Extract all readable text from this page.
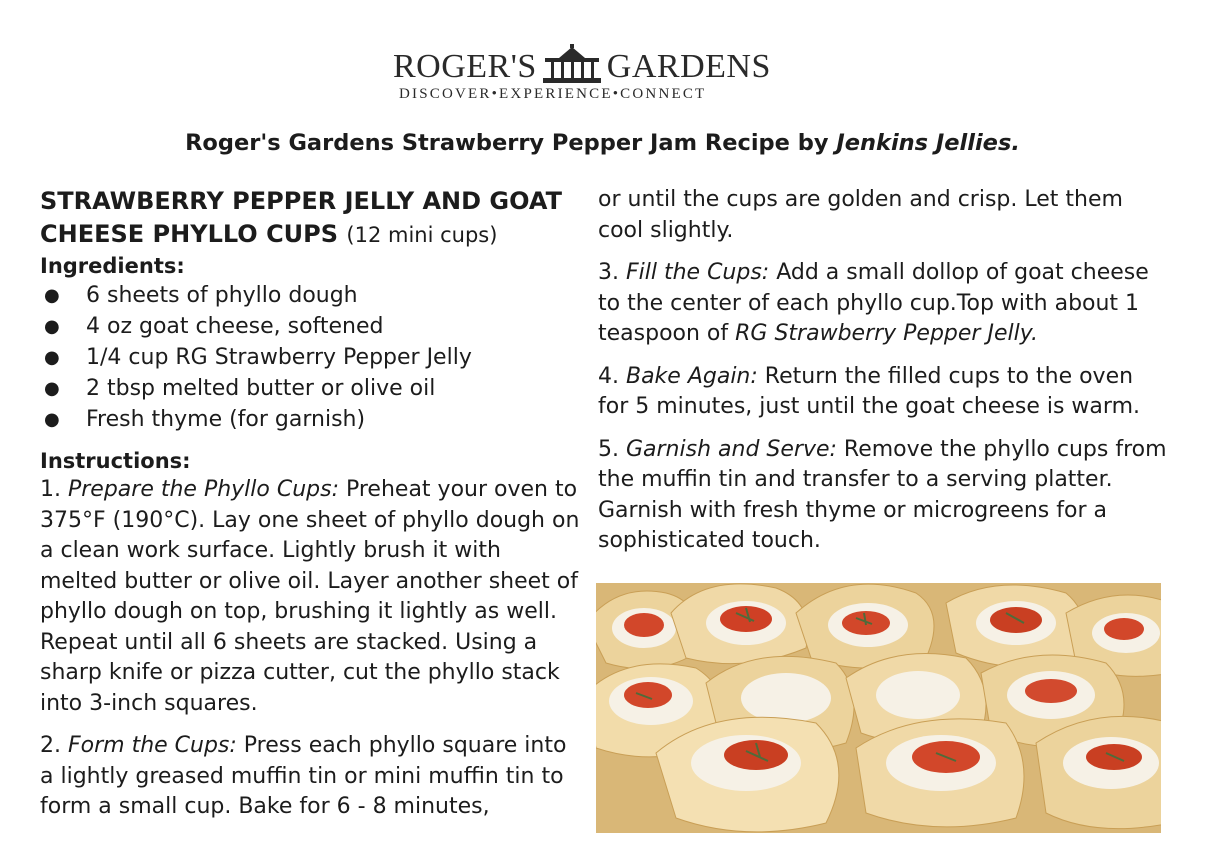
ROGER'S GARDENS
DISCOVER•EXPERIENCE•CONNECT
Roger's Gardens Strawberry Pepper Jam Recipe by Jenkins Jellies.
STRAWBERRY PEPPER JELLY AND GOAT CHEESE PHYLLO CUPS (12 mini cups)
Ingredients:
● 6 sheets of phyllo dough
● 4 oz goat cheese, softened
● 1/4 cup RG Strawberry Pepper Jelly
● 2 tbsp melted butter or olive oil
● Fresh thyme (for garnish)
Instructions:

1. Prepare the Phyllo Cups: Preheat your oven to 375°F (190°C). Lay one sheet of phyllo dough on a clean work surface. Lightly brush it with melted butter or olive oil. Layer another sheet of phyllo dough on top, brushing it lightly as well. Repeat until all 6 sheets are stacked. Using a sharp knife or pizza cutter, cut the phyllo stack into 3-inch squares.

2. Form the Cups: Press each phyllo square into a lightly greased muffin tin or mini muffin tin to form a small cup. Bake for 6 - 8 minutes,

or until the cups are golden and crisp. Let them cool slightly.

3. Fill the Cups: Add a small dollop of goat cheese to the center of each phyllo cup.Top with about 1 teaspoon of RG Strawberry Pepper Jelly.

4. Bake Again: Return the filled cups to the oven for 5 minutes, just until the goat cheese is warm.

5. Garnish and Serve: Remove the phyllo cups from the muffin tin and transfer to a serving platter. Garnish with fresh thyme or microgreens for a sophisticated touch.
